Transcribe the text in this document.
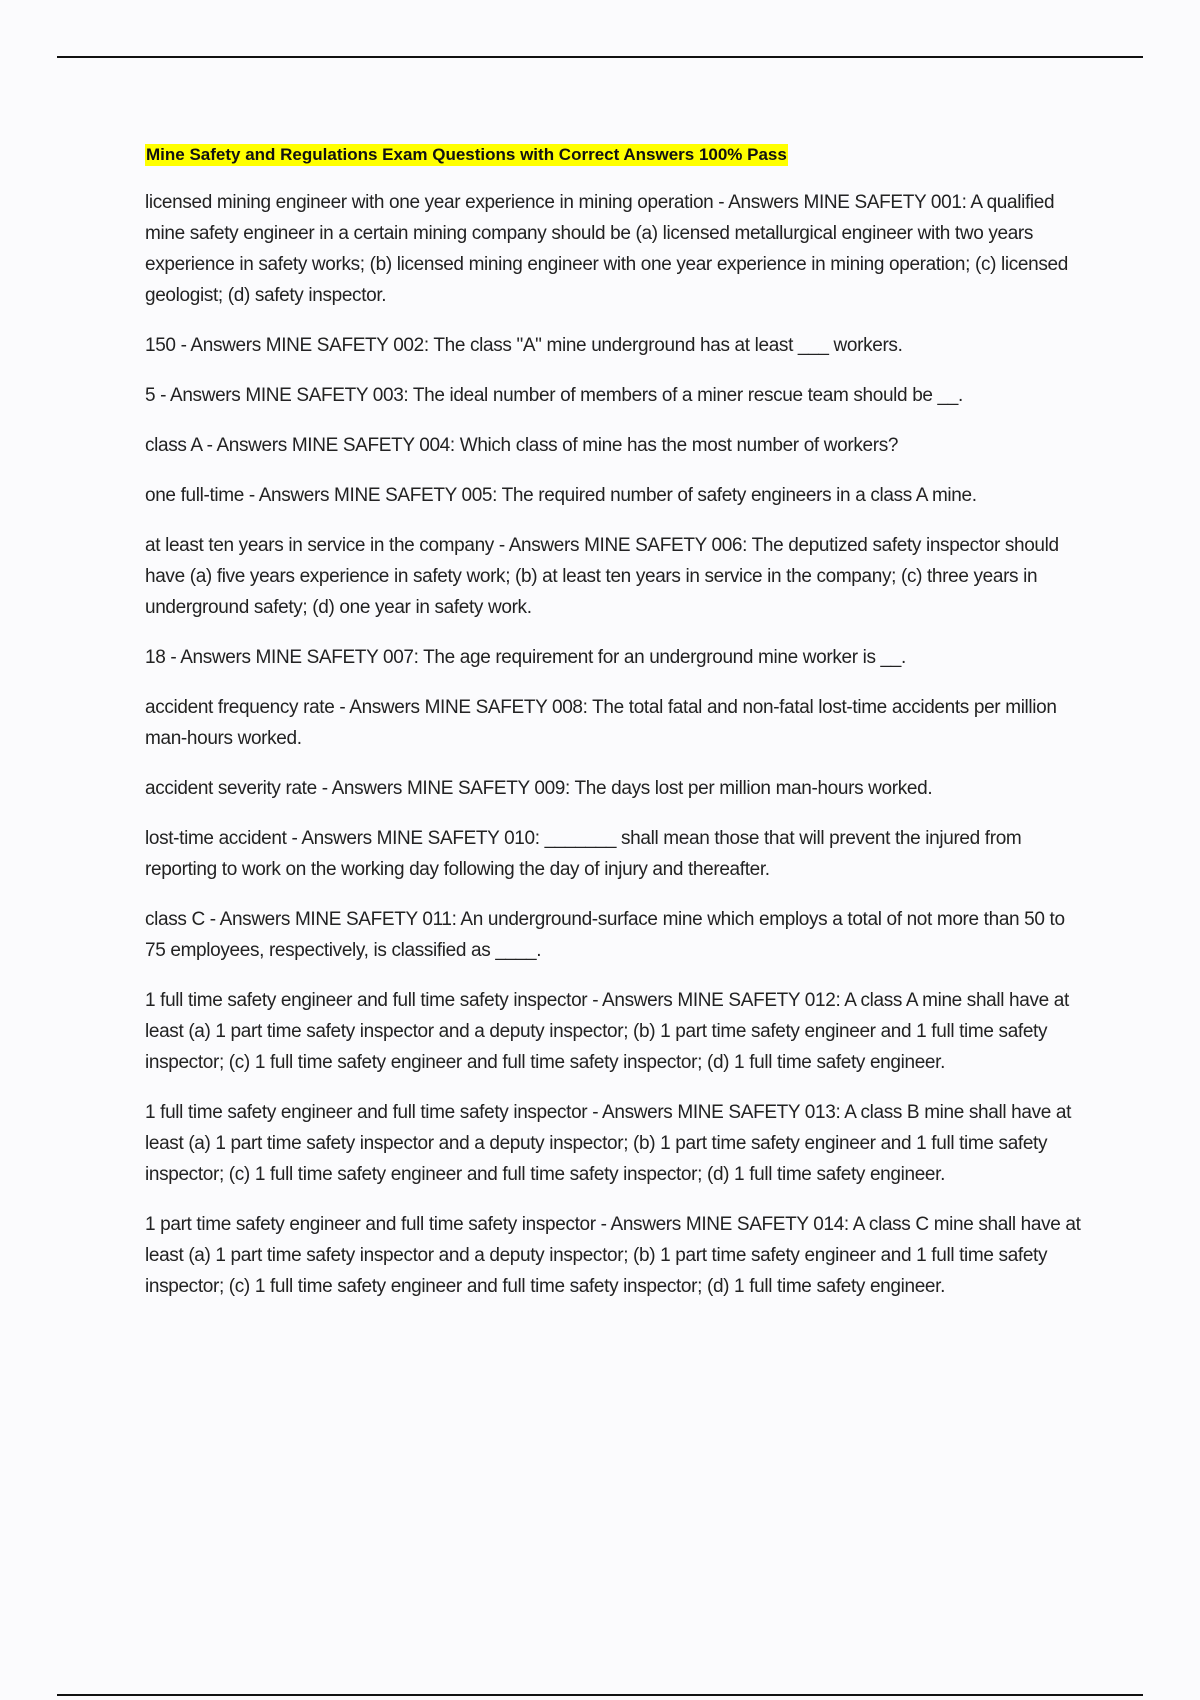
Mine Safety and Regulations Exam Questions with Correct Answers 100% Pass

licensed mining engineer with one year experience in mining operation - Answers MINE SAFETY 001: A qualified mine safety engineer in a certain mining company should be (a) licensed metallurgical engineer with two years experience in safety works; (b) licensed mining engineer with one year experience in mining operation; (c) licensed geologist; (d) safety inspector.

150 - Answers MINE SAFETY 002: The class "A" mine underground has at least ___ workers.

5 - Answers MINE SAFETY 003: The ideal number of members of a miner rescue team should be __.

class A - Answers MINE SAFETY 004: Which class of mine has the most number of workers?

one full-time - Answers MINE SAFETY 005: The required number of safety engineers in a class A mine.

at least ten years in service in the company - Answers MINE SAFETY 006: The deputized safety inspector should have (a) five years experience in safety work; (b) at least ten years in service in the company; (c) three years in underground safety; (d) one year in safety work.

18 - Answers MINE SAFETY 007: The age requirement for an underground mine worker is __.

accident frequency rate - Answers MINE SAFETY 008: The total fatal and non-fatal lost-time accidents per million man-hours worked.

accident severity rate - Answers MINE SAFETY 009: The days lost per million man-hours worked.

lost-time accident - Answers MINE SAFETY 010: _______ shall mean those that will prevent the injured from reporting to work on the working day following the day of injury and thereafter.

class C - Answers MINE SAFETY 011: An underground-surface mine which employs a total of not more than 50 to 75 employees, respectively, is classified as ____.

1 full time safety engineer and full time safety inspector - Answers MINE SAFETY 012: A class A mine shall have at least (a) 1 part time safety inspector and a deputy inspector; (b) 1 part time safety engineer and 1 full time safety inspector; (c) 1 full time safety engineer and full time safety inspector; (d) 1 full time safety engineer.

1 full time safety engineer and full time safety inspector - Answers MINE SAFETY 013: A class B mine shall have at least (a) 1 part time safety inspector and a deputy inspector; (b) 1 part time safety engineer and 1 full time safety inspector; (c) 1 full time safety engineer and full time safety inspector; (d) 1 full time safety engineer.

1 part time safety engineer and full time safety inspector - Answers MINE SAFETY 014: A class C mine shall have at least (a) 1 part time safety inspector and a deputy inspector; (b) 1 part time safety engineer and 1 full time safety inspector; (c) 1 full time safety engineer and full time safety inspector; (d) 1 full time safety engineer.
